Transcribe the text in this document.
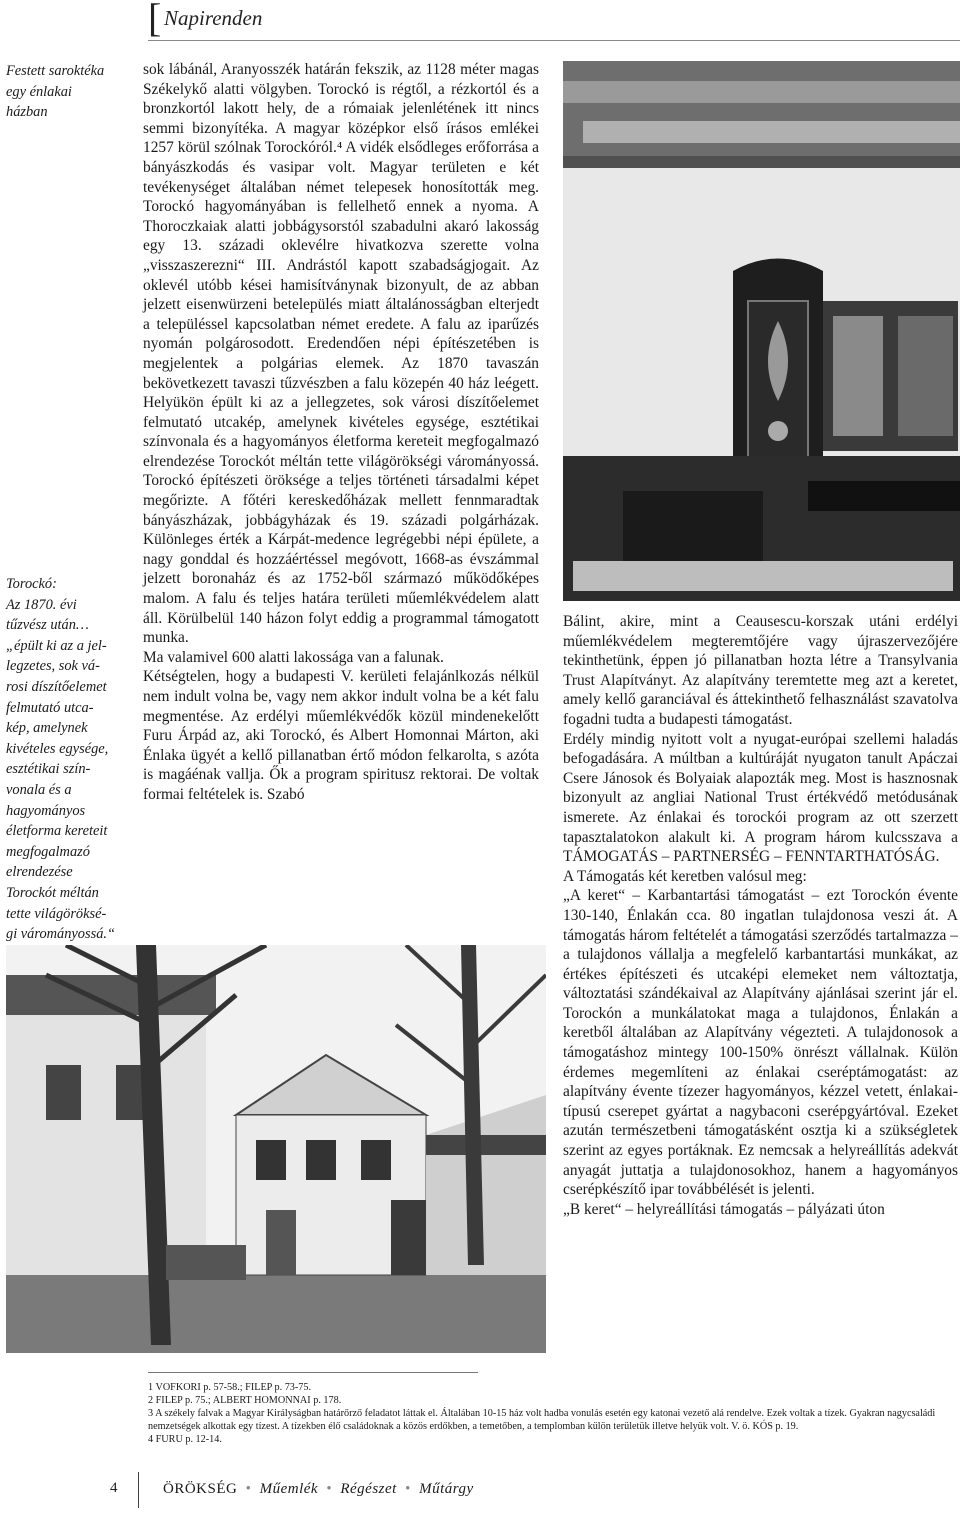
[ Napirenden
Festett saroktéka
egy énlakai
házban
Torockó:
Az 1870. évi
tűzvész után…
„épült ki az a jel-
legzetes, sok vá-
rosi díszítőelemet
felmutató utca-
kép, amelynek
kivételes egysége,
esztétikai szín-
vonala és a
hagyományos
életforma kereteit
megfogalmazó
elrendezése
Torockót méltán
tette világöröksé-
gi várományossá.“

sok lábánál, Aranyosszék határán fekszik, az 1128 méter magas Székelykő alatti völgyben. Torockó is régtől, a rézkortól és a bronzkortól lakott hely, de a rómaiak jelenlétének itt nincs semmi bizonyítéka. A magyar középkor első írásos emlékei 1257 körül szólnak Torockóról.⁴ A vidék elsődleges erőforrása a bányászkodás és vasipar volt. Magyar területen e két tevékenységet általában német telepesek honosították meg. Torockó hagyományában is fellelhető ennek a nyoma. A Thoroczkaiak alatti jobbágysorstól szabadulni akaró lakosság egy 13. századi oklevélre hivatkozva szerette volna „visszaszerezni“ III. Andrástól kapott szabadságjogait. Az oklevél utóbb kései hamisítványnak bizonyult, de az abban jelzett eisenwürzeni betelepülés miatt általánosságban elterjedt a településsel kapcsolatban német eredete. A falu az iparűzés nyomán polgárosodott. Eredendően népi építészetében is megjelentek a polgárias elemek. Az 1870 tavaszán bekövetkezett tavaszi tűzvészben a falu közepén 40 ház leégett. Helyükön épült ki az a jellegzetes, sok városi díszítőelemet felmutató utcakép, amelynek kivételes egysége, esztétikai színvonala és a hagyományos életforma kereteit megfogalmazó elrendezése Torockót méltán tette világörökségi várományossá. Torockó építészeti öröksége a teljes történeti társadalmi képet megőrizte. A főtéri kereskedőházak mellett fennmaradtak bányászházak, jobbágyházak és 19. századi polgárházak. Különleges érték a Kárpát-medence legrégebbi népi épülete, a nagy gonddal és hozzáértéssel megóvott, 1668-as évszámmal jelzett boronaház és az 1752-ből származó működőképes malom. A falu és teljes határa területi műemlékvédelem alatt áll. Körülbelül 140 házon folyt eddig a programmal támogatott munka.

Ma valamivel 600 alatti lakossága van a falunak.

Kétségtelen, hogy a budapesti V. kerületi felajánlkozás nélkül nem indult volna be, vagy nem akkor indult volna be a két falu megmentése. Az erdélyi műemlékvédők közül mindenekelőtt Furu Árpád az, aki Torockó, és Albert Homonnai Márton, aki Énlaka ügyét a kellő pillanatban értő módon felkarolta, s azóta is magáénak vallja. Ők a program spiritusz rektorai. De voltak formai feltételek is. Szabó

Bálint, akire, mint a Ceausescu-korszak utáni erdélyi műemlékvédelem megteremtőjére vagy újraszervezőjére tekinthetünk, éppen jó pillanatban hozta létre a Transylvania Trust Alapítványt. Az alapítvány teremtette meg azt a keretet, amely kellő garanciával és áttekinthető felhasználást szavatolva fogadni tudta a budapesti támogatást.

Erdély mindig nyitott volt a nyugat-európai szellemi haladás befogadására. A múltban a kultúráját nyugaton tanult Apáczai Csere Jánosok és Bolyaiak alapozták meg. Most is hasznosnak bizonyult az angliai National Trust értékvédő metódusának ismerete. Az énlakai és torockói program az ott szerzett tapasztalatokon alakult ki. A program három kulcsszava a TÁMOGATÁS – PARTNERSÉG – FENNTARTHATÓSÁG.

A Támogatás két keretben valósul meg:

„A keret“ – Karbantartási támogatást – ezt Torockón évente 130-140, Énlakán cca. 80 ingatlan tulajdonosa veszi át. A támogatás három feltételét a támogatási szerződés tartalmazza – a tulajdonos vállalja a megfelelő karbantartási munkákat, az értékes építészeti és utcaképi elemeket nem változtatja, változtatási szándékaival az Alapítvány ajánlásai szerint jár el. Torockón a munkálatokat maga a tulajdonos, Énlakán a keretből általában az Alapítvány végezteti. A tulajdonosok a támogatáshoz mintegy 100-150% önrészt vállalnak. Külön érdemes megemlíteni az énlakai cseréptámogatást: az alapítvány évente tízezer hagyományos, kézzel vetett, énlakai-típusú cserepet gyártat a nagybaconi cserépgyártóval. Ezeket azután természetbeni támogatásként osztja ki a szükségletek szerint az egyes portáknak. Ez nemcsak a helyreállítás adekvát anyagát juttatja a tulajdonosokhoz, hanem a hagyományos cserépkészítő ipar továbbélését is jelenti.

„B keret“ – helyreállítási támogatás – pályázati úton

1 VOFKORI p. 57-58.; FILEP p. 73-75.

2 FILEP p. 75.; ALBERT HOMONNAI p. 178.

3 A székely falvak a Magyar Királyságban határőrző feladatot láttak el. Általában 10-15 ház volt hadba vonulás esetén egy katonai vezető alá rendelve. Ezek voltak a tízek. Gyakran nagycsaládi nemzetségek alkottak egy tízest. A tízekben élő családoknak a közös erdőkben, a temetőben, a templomban külön területük illetve helyük volt. V. ö. KÓS p. 19.

4 FURU p. 12-14.

4	ÖRÖKSÉG • Műemlék • Régészet • Műtárgy
